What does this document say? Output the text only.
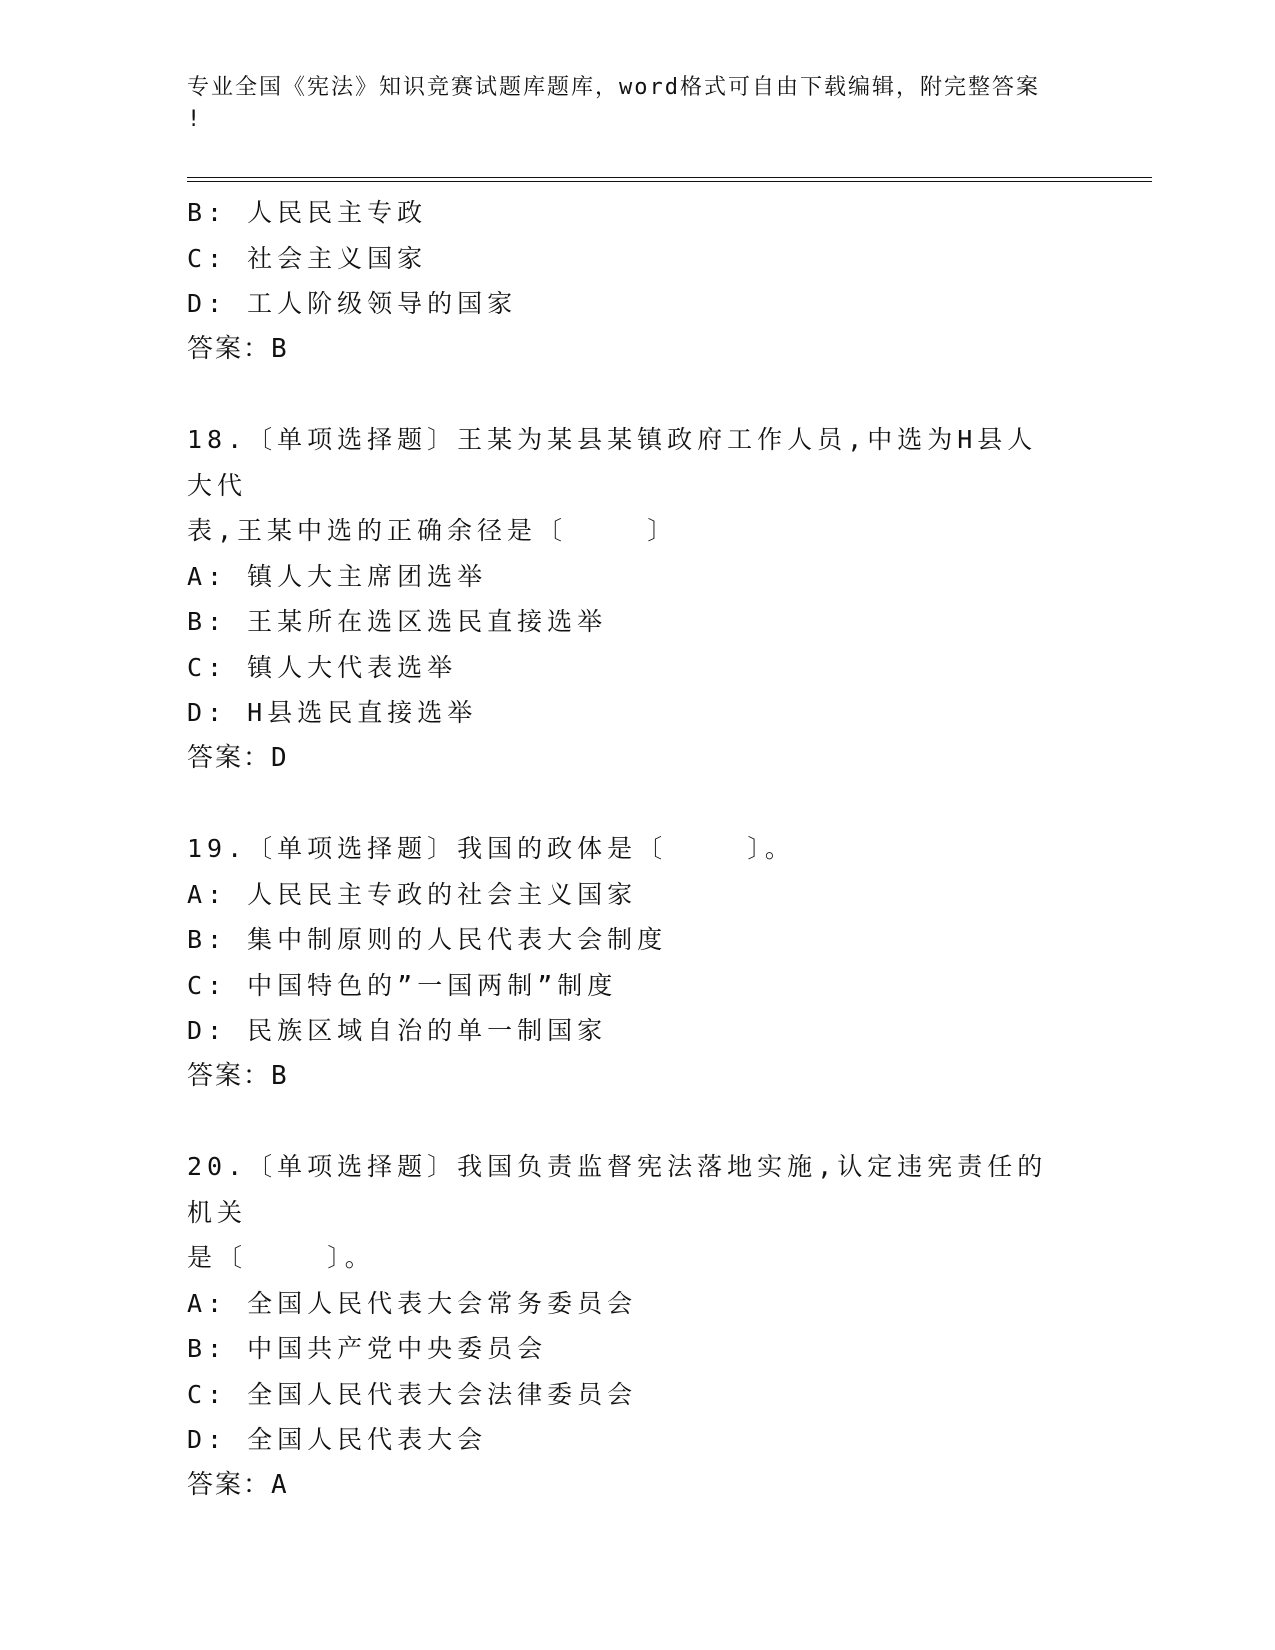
专业全国《宪法》知识竞赛试题库题库，word格式可自由下载编辑，附完整答案
!
B: 人民民主专政
C: 社会主义国家
D: 工人阶级领导的国家
答案：B
18.〔单项选择题〕王某为某县某镇政府工作人员,中选为H县人大代
表,王某中选的正确余径是〔    〕
A: 镇人大主席团选举
B: 王某所在选区选民直接选举
C: 镇人大代表选举
D: H县选民直接选举
答案：D
19.〔单项选择题〕我国的政体是〔    〕。
A: 人民民主专政的社会主义国家
B: 集中制原则的人民代表大会制度
C: 中国特色的”一国两制”制度
D: 民族区域自治的单一制国家
答案：B
20.〔单项选择题〕我国负责监督宪法落地实施,认定违宪责任的机关
是〔    〕。
A: 全国人民代表大会常务委员会
B: 中国共产党中央委员会
C: 全国人民代表大会法律委员会
D: 全国人民代表大会
答案：A
